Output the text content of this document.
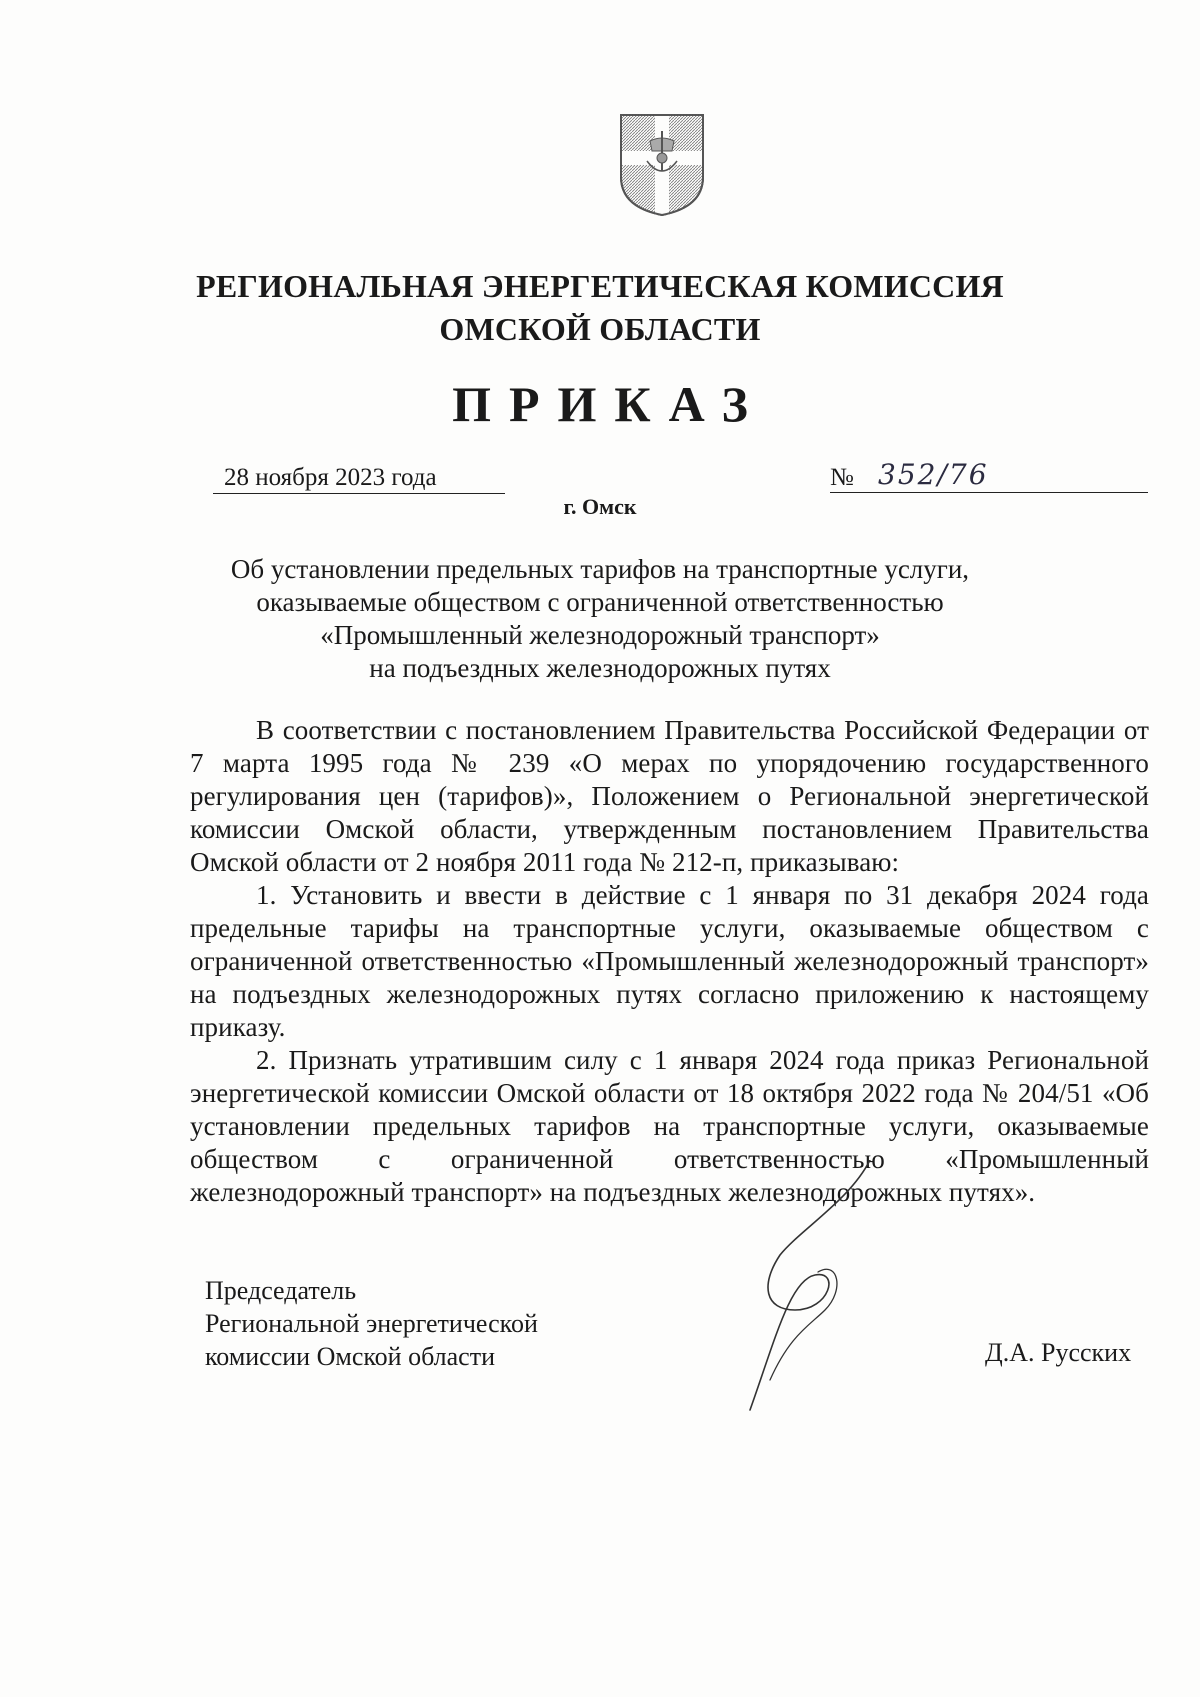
РЕГИОНАЛЬНАЯ ЭНЕРГЕТИЧЕСКАЯ КОМИССИЯ
ОМСКОЙ ОБЛАСТИ
ПРИКАЗ
28 ноября 2023 года	№ 352/76
г. Омск
Об установлении предельных тарифов на транспортные услуги,
оказываемые обществом с ограниченной ответственностью
«Промышленный железнодорожный транспорт»
на подъездных железнодорожных путях

В соответствии с постановлением Правительства Российской Федерации от 7 марта 1995 года № 239 «О мерах по упорядочению государственного регулирования цен (тарифов)», Положением о Региональной энергетической комиссии Омской области, утвержденным постановлением Правительства Омской области от 2 ноября 2011 года № 212-п, приказываю:

1. Установить и ввести в действие с 1 января по 31 декабря 2024 года предельные тарифы на транспортные услуги, оказываемые обществом с ограниченной ответственностью «Промышленный железнодорожный транспорт» на подъездных железнодорожных путях согласно приложению к настоящему приказу.

2. Признать утратившим силу с 1 января 2024 года приказ Региональной энергетической комиссии Омской области от 18 октября 2022 года № 204/51 «Об установлении предельных тарифов на транспортные услуги, оказываемые обществом с ограниченной ответственностью «Промышленный железнодорожный транспорт» на подъездных железнодорожных путях».

Председатель
Региональной энергетической
комиссии Омской области	Д.А. Русских
